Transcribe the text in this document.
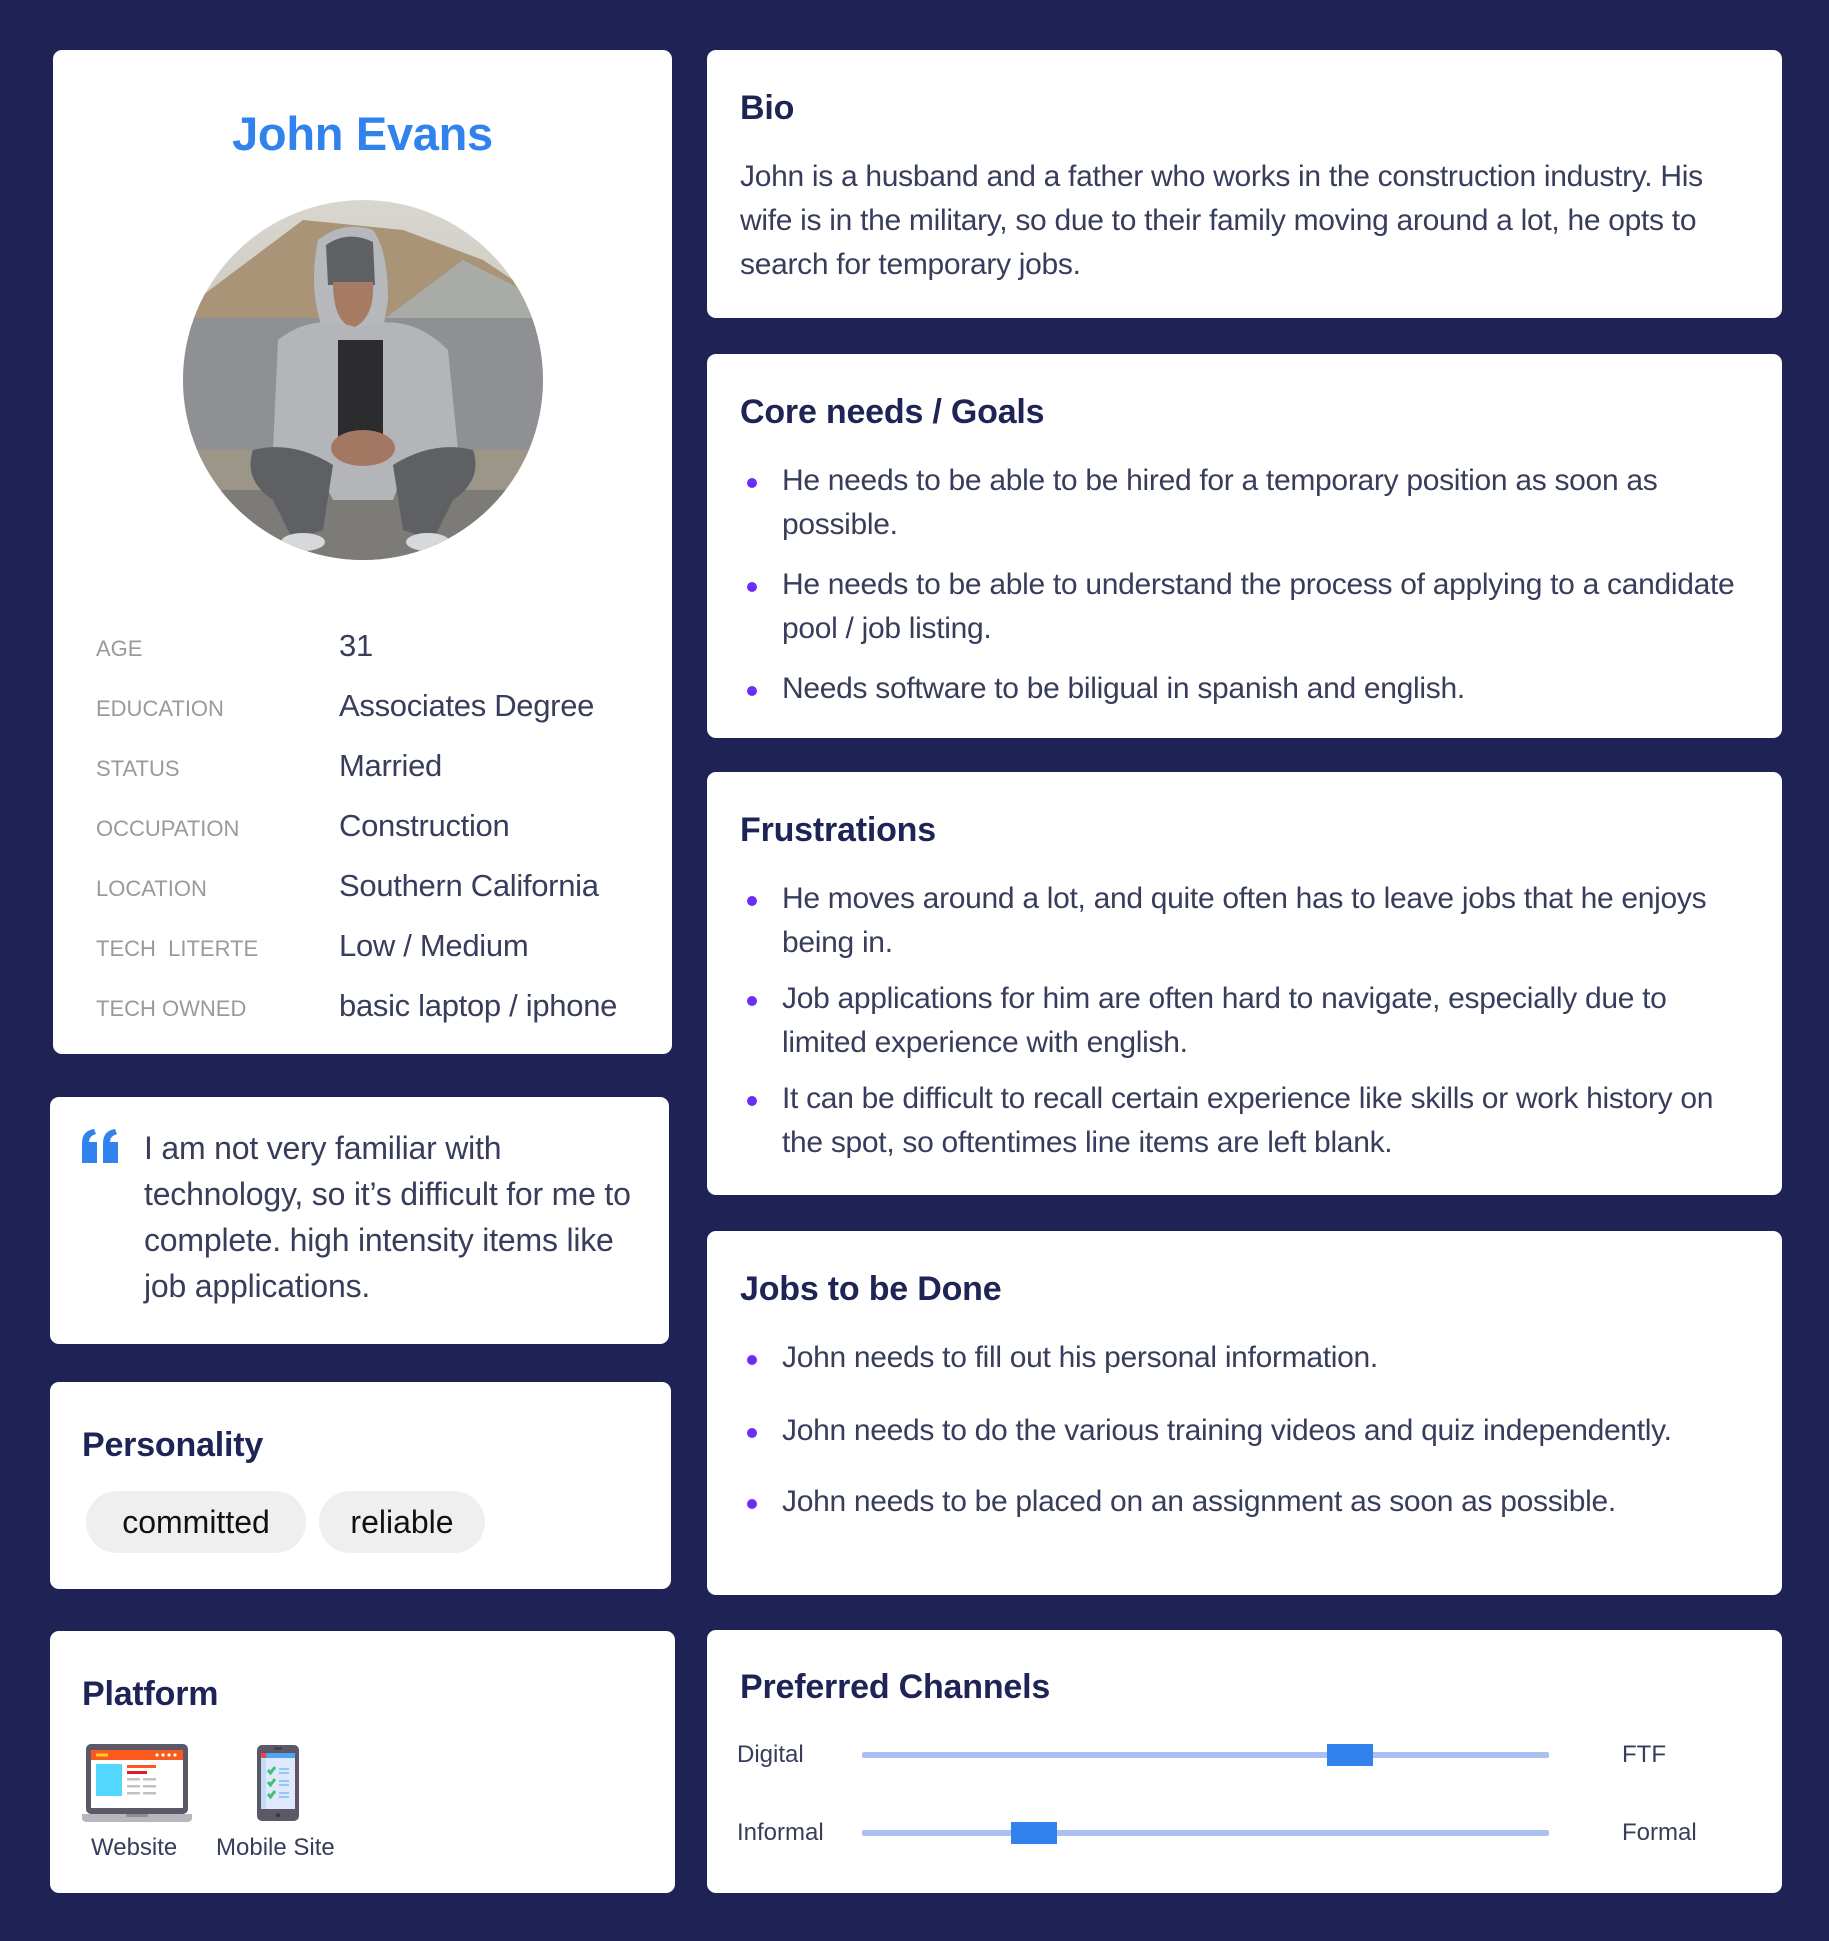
John Evans
AGE	31
EDUCATION	Associates Degree
STATUS	Married
OCCUPATION	Construction
LOCATION	Southern California
TECH  LITERTE	Low / Medium
TECH OWNED	basic laptop / iphone
I am not very familiar with technology, so it’s difficult for me to complete. high intensity items like job applications.
Personality
committed	reliable
Platform
Website Mobile Site
Bio
John is a husband and a father who works in the construction industry. His wife is in the military, so due to their family moving around a lot, he opts to search for temporary jobs.
Core needs / Goals
He needs to be able to be hired for a temporary position as soon as possible.
He needs to be able to understand the process of applying to a candidate pool / job listing.
Needs software to be biligual in spanish and english.
Frustrations
He moves around a lot, and quite often has to leave jobs that he enjoys being in.
Job applications for him are often hard to navigate, especially due to limited experience with english.
It can be difficult to recall certain experience like skills or work history on the spot, so oftentimes line items are left blank.
Jobs to be Done
John needs to fill out his personal information.
John needs to do the various training videos and quiz independently.
John needs to be placed on an assignment as soon as possible.
Preferred Channels
Digital	FTF
Informal	Formal
